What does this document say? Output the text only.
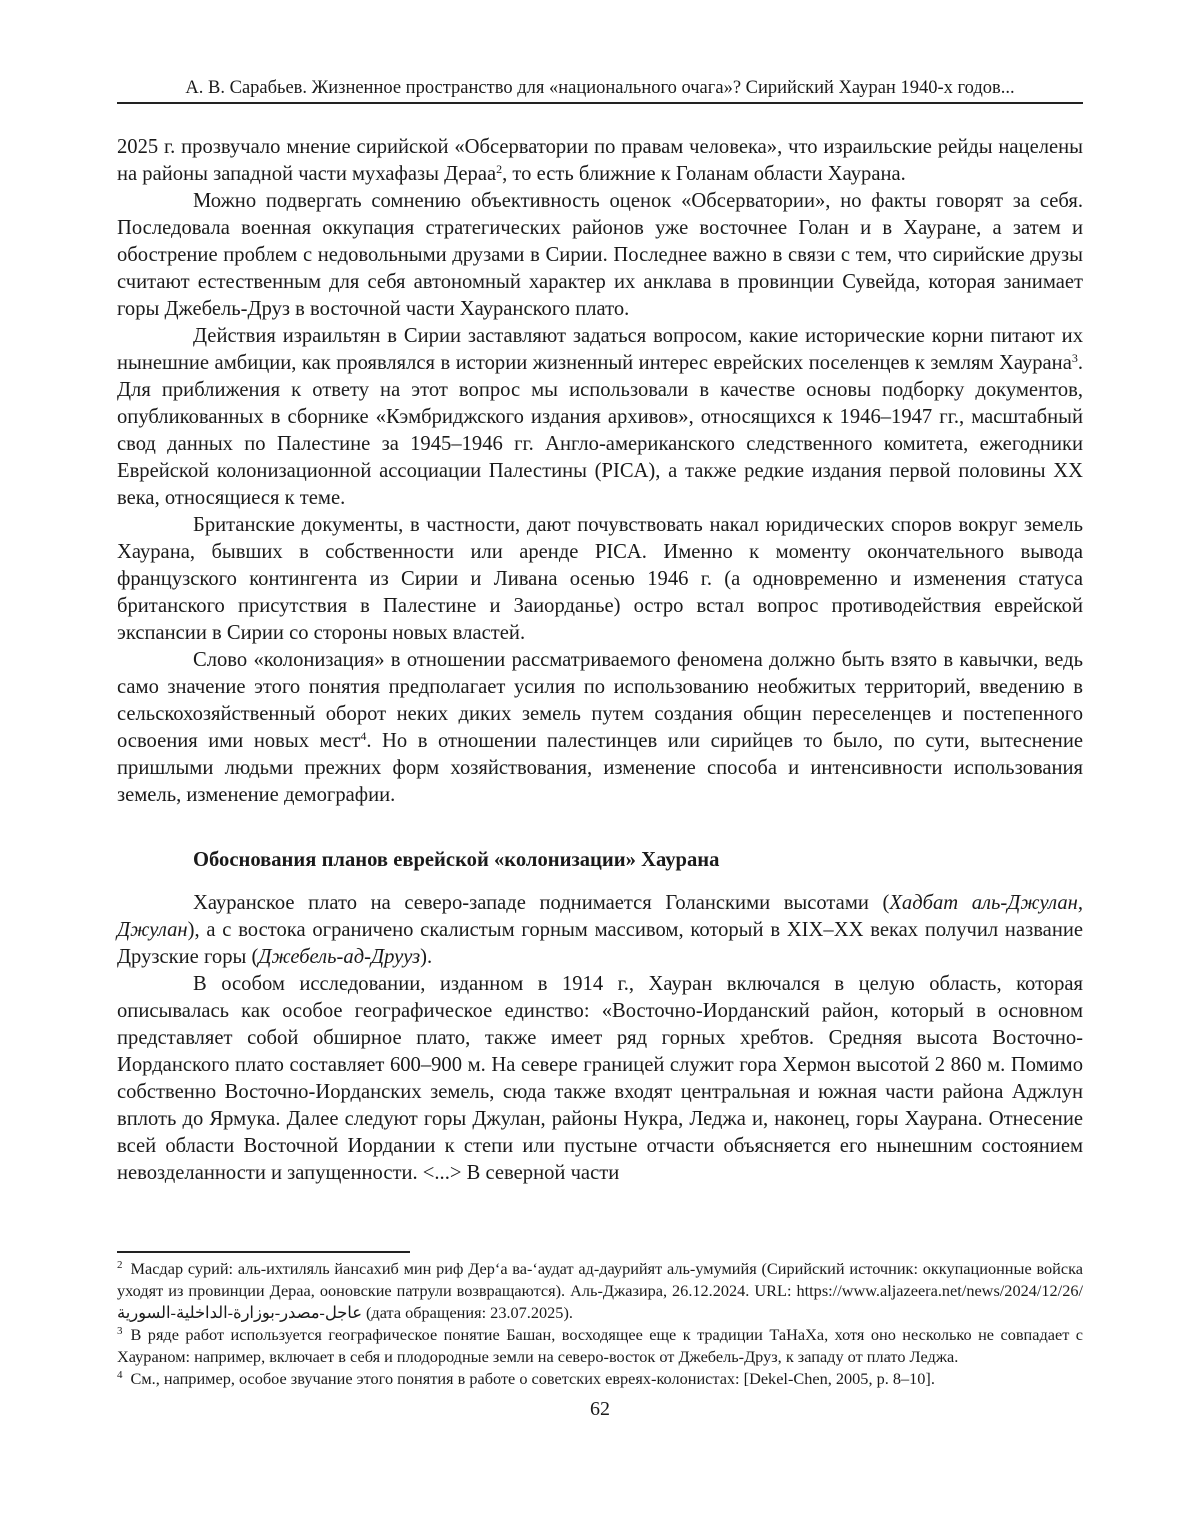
А. В. Сарабьев. Жизненное пространство для «национального очага»? Сирийский Хауран 1940-х годов...

2025 г. прозвучало мнение сирийской «Обсерватории по правам человека», что израильские рейды нацелены на районы западной части мухафазы Дераа$^2$, то есть ближние к Голанам области Хаурана.

Можно подвергать сомнению объективность оценок «Обсерватории», но факты говорят за себя. Последовала военная оккупация стратегических районов уже восточнее Голан и в Хауране, а затем и обострение проблем с недовольными друзами в Сирии. Последнее важно в связи с тем, что сирийские друзы считают естественным для себя автономный характер их анклава в провинции Сувейда, которая занимает горы Джебель-Друз в восточной части Хауранского плато.

Действия израильтян в Сирии заставляют задаться вопросом, какие исторические корни питают их нынешние амбиции, как проявлялся в истории жизненный интерес еврейских поселенцев к землям Хаурана$^3$. Для приближения к ответу на этот вопрос мы использовали в качестве основы подборку документов, опубликованных в сборнике «Кэмбриджского издания архивов», относящихся к 1946–1947 гг., масштабный свод данных по Палестине за 1945–1946 гг. Англо-американского следственного комитета, ежегодники Еврейской колонизационной ассоциации Палестины (PICA), а также редкие издания первой половины XX века, относящиеся к теме.

Британские документы, в частности, дают почувствовать накал юридических споров вокруг земель Хаурана, бывших в собственности или аренде PICA. Именно к моменту окончательного вывода французского контингента из Сирии и Ливана осенью 1946 г. (а одновременно и изменения статуса британского присутствия в Палестине и Заиорданье) остро встал вопрос противодействия еврейской экспансии в Сирии со стороны новых властей.

Слово «колонизация» в отношении рассматриваемого феномена должно быть взято в кавычки, ведь само значение этого понятия предполагает усилия по использованию необжитых территорий, введению в сельскохозяйственный оборот неких диких земель путем создания общин переселенцев и постепенного освоения ими новых мест$^4$. Но в отношении палестинцев или сирийцев то было, по сути, вытеснение пришлыми людьми прежних форм хозяйствования, изменение способа и интенсивности использования земель, изменение демографии.

Обоснования планов еврейской «колонизации» Хаурана

Хауранское плато на северо-западе поднимается Голанскими высотами (Хадбат аль-Джулан, Джулан), а с востока ограничено скалистым горным массивом, который в XIX–XX веках получил название Друзские горы (Джебель-ад-Друуз).

В особом исследовании, изданном в 1914 г., Хауран включался в целую область, которая описывалась как особое географическое единство: «Восточно-Иорданский район, который в основном представляет собой обширное плато, также имеет ряд горных хребтов. Средняя высота Восточно-Иорданского плато составляет 600–900 м. На севере границей служит гора Хермон высотой 2 860 м. Помимо собственно Восточно-Иорданских земель, сюда также входят центральная и южная части района Аджлун вплоть до Ярмука. Далее следуют горы Джулан, районы Нукра, Леджа и, наконец, горы Хаурана. Отнесение всей области Восточной Иордании к степи или пустыне отчасти объясняется его нынешним состоянием невозделанности и запущенности. <...> В северной части

$^2$ Масдар сурий: аль-ихтиляль йансахиб мин риф Дер‘а ва-‘аудат ад-даурийят аль-умумийя (Сирийский источник: оккупационные войска уходят из провинции Дераа, ооновские патрули возвращаются). Аль-Джазира, 26.12.2024. URL: https://www.aljazeera.net/news/2024/12/26/عاجل-مصدر-بوزارة-الداخلية-السورية (дата обращения: 23.07.2025).

$^3$ В ряде работ используется географическое понятие Башан, восходящее еще к традиции ТаНаХа, хотя оно несколько не совпадает с Хаураном: например, включает в себя и плодородные земли на северо-восток от Джебель-Друз, к западу от плато Леджа.

$^4$ См., например, особое звучание этого понятия в работе о советских евреях-колонистах: [Dekel-Chen, 2005, p. 8–10].

62
